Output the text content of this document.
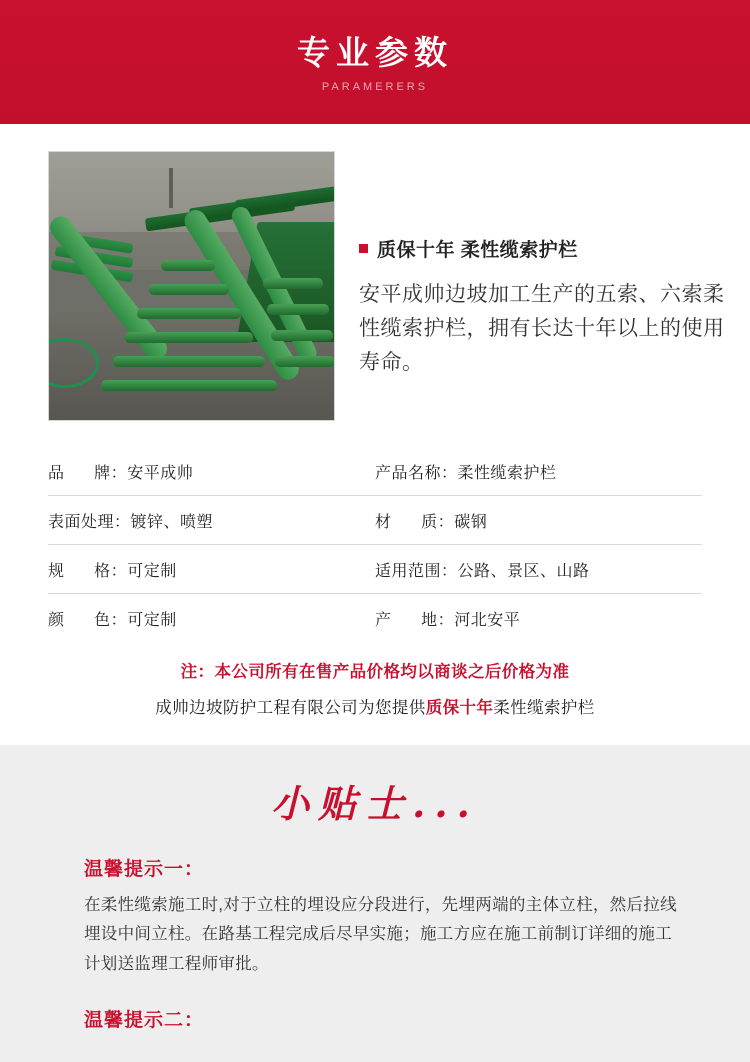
专业参数
PARAMERERS
质保十年 柔性缆索护栏
安平成帅边坡加工生产的五索、六索柔性缆索护栏，拥有长达十年以上的使用寿命。
品      牌： 安平成帅	产品名称： 柔性缆索护栏
表面处理： 镀锌、喷塑	材      质： 碳钢
规      格： 可定制	适用范围： 公路、景区、山路
颜      色： 可定制	产      地： 河北安平
注：本公司所有在售产品价格均以商谈之后价格为准
成帅边坡防护工程有限公司为您提供质保十年柔性缆索护栏
小贴士...
温馨提示一：
在柔性缆索施工时,对于立柱的埋设应分段进行，先埋两端的主体立柱，然后拉线埋设中间立柱。在路基工程完成后尽早实施；施工方应在施工前制订详细的施工计划送监理工程师审批。
温馨提示二：
